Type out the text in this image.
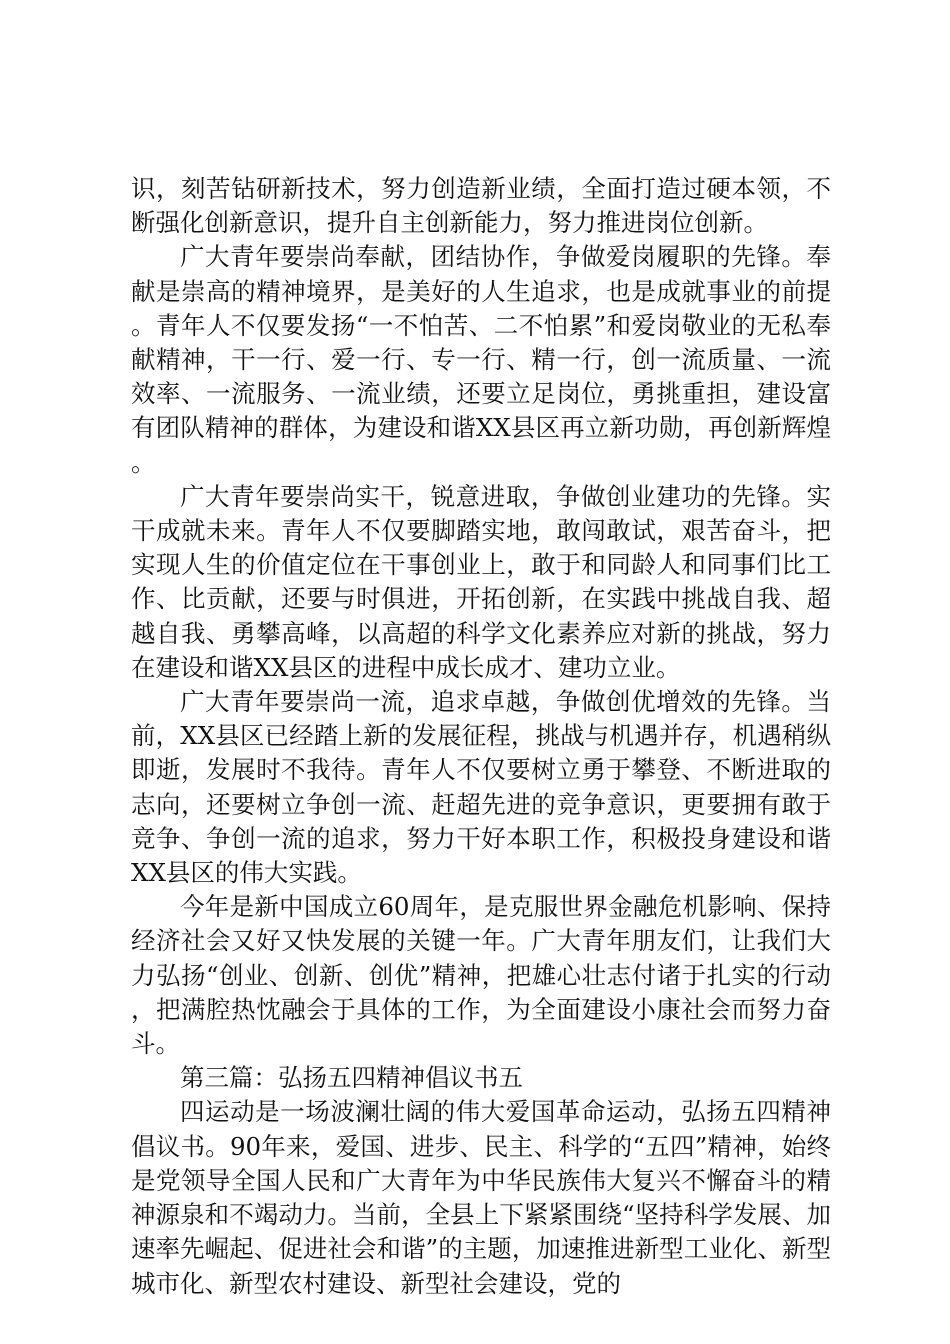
识，刻苦钻研新技术，努力创造新业绩，全面打造过硬本领，不断强化创新意识，提升自主创新能力，努力推进岗位创新。

广大青年要崇尚奉献，团结协作，争做爱岗履职的先锋。奉献是崇高的精神境界，是美好的人生追求，也是成就事业的前提。青年人不仅要发扬“一不怕苦、二不怕累”和爱岗敬业的无私奉献精神，干一行、爱一行、专一行、精一行，创一流质量、一流效率、一流服务、一流业绩，还要立足岗位，勇挑重担，建设富有团队精神的群体，为建设和谐XX县区再立新功勋，再创新辉煌。

广大青年要崇尚实干，锐意进取，争做创业建功的先锋。实干成就未来。青年人不仅要脚踏实地，敢闯敢试，艰苦奋斗，把实现人生的价值定位在干事创业上，敢于和同龄人和同事们比工作、比贡献，还要与时俱进，开拓创新，在实践中挑战自我、超越自我、勇攀高峰，以高超的科学文化素养应对新的挑战，努力在建设和谐XX县区的进程中成长成才、建功立业。

广大青年要崇尚一流，追求卓越，争做创优增效的先锋。当前，XX县区已经踏上新的发展征程，挑战与机遇并存，机遇稍纵即逝，发展时不我待。青年人不仅要树立勇于攀登、不断进取的志向，还要树立争创一流、赶超先进的竞争意识，更要拥有敢于竞争、争创一流的追求，努力干好本职工作，积极投身建设和谐XX县区的伟大实践。

今年是新中国成立60周年，是克服世界金融危机影响、保持经济社会又好又快发展的关键一年。广大青年朋友们，让我们大力弘扬“创业、创新、创优”精神，把雄心壮志付诸于扎实的行动，把满腔热忱融会于具体的工作，为全面建设小康社会而努力奋斗。

第三篇：弘扬五四精神倡议书五

四运动是一场波澜壮阔的伟大爱国革命运动，弘扬五四精神倡议书。90年来，爱国、进步、民主、科学的“五四”精神，始终是党领导全国人民和广大青年为中华民族伟大复兴不懈奋斗的精神源泉和不竭动力。当前，全县上下紧紧围绕“坚持科学发展、加速率先崛起、促进社会和谐”的主题，加速推进新型工业化、新型城市化、新型农村建设、新型社会建设，党的
